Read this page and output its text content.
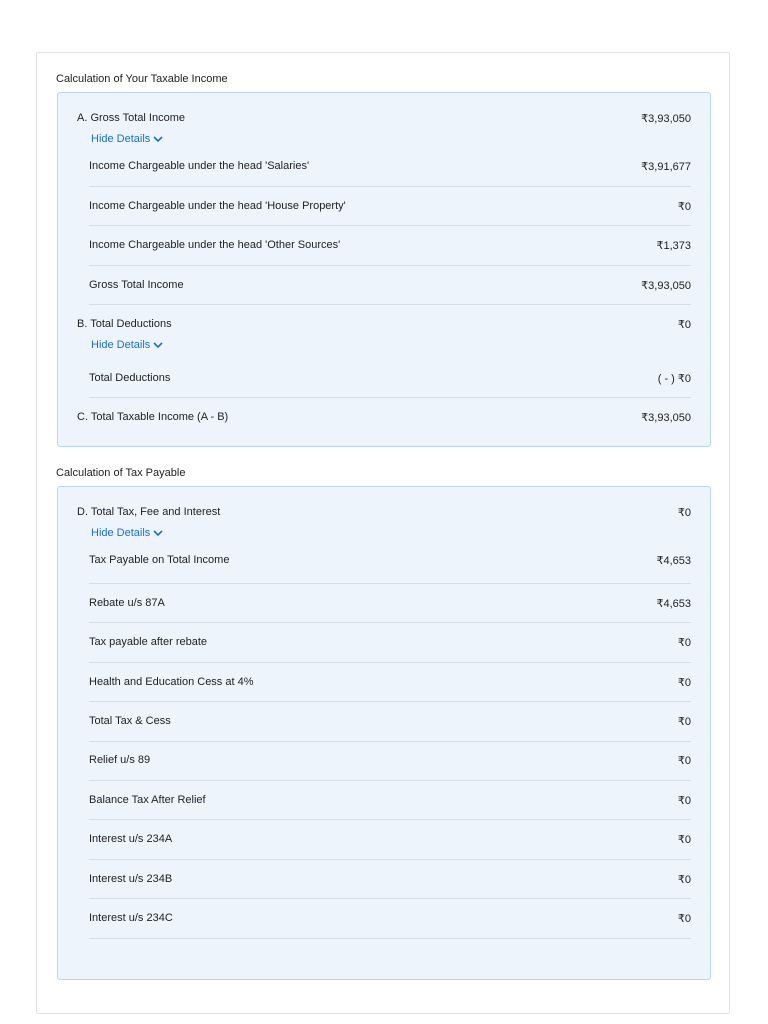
Calculation of Your Taxable Income
A. Gross Total Income	₹3,93,050
Hide Details
Income Chargeable under the head 'Salaries'	₹3,91,677
Income Chargeable under the head 'House Property'	₹0
Income Chargeable under the head 'Other Sources'	₹1,373
Gross Total Income	₹3,93,050
B. Total Deductions	₹0
Hide Details
Total Deductions	( - ) ₹0
C. Total Taxable Income (A - B)	₹3,93,050
Calculation of Tax Payable
D. Total Tax, Fee and Interest	₹0
Hide Details
Tax Payable on Total Income	₹4,653
Rebate u/s 87A	₹4,653
Tax payable after rebate	₹0
Health and Education Cess at 4%	₹0
Total Tax & Cess	₹0
Relief u/s 89	₹0
Balance Tax After Relief	₹0
Interest u/s 234A	₹0
Interest u/s 234B	₹0
Interest u/s 234C	₹0
